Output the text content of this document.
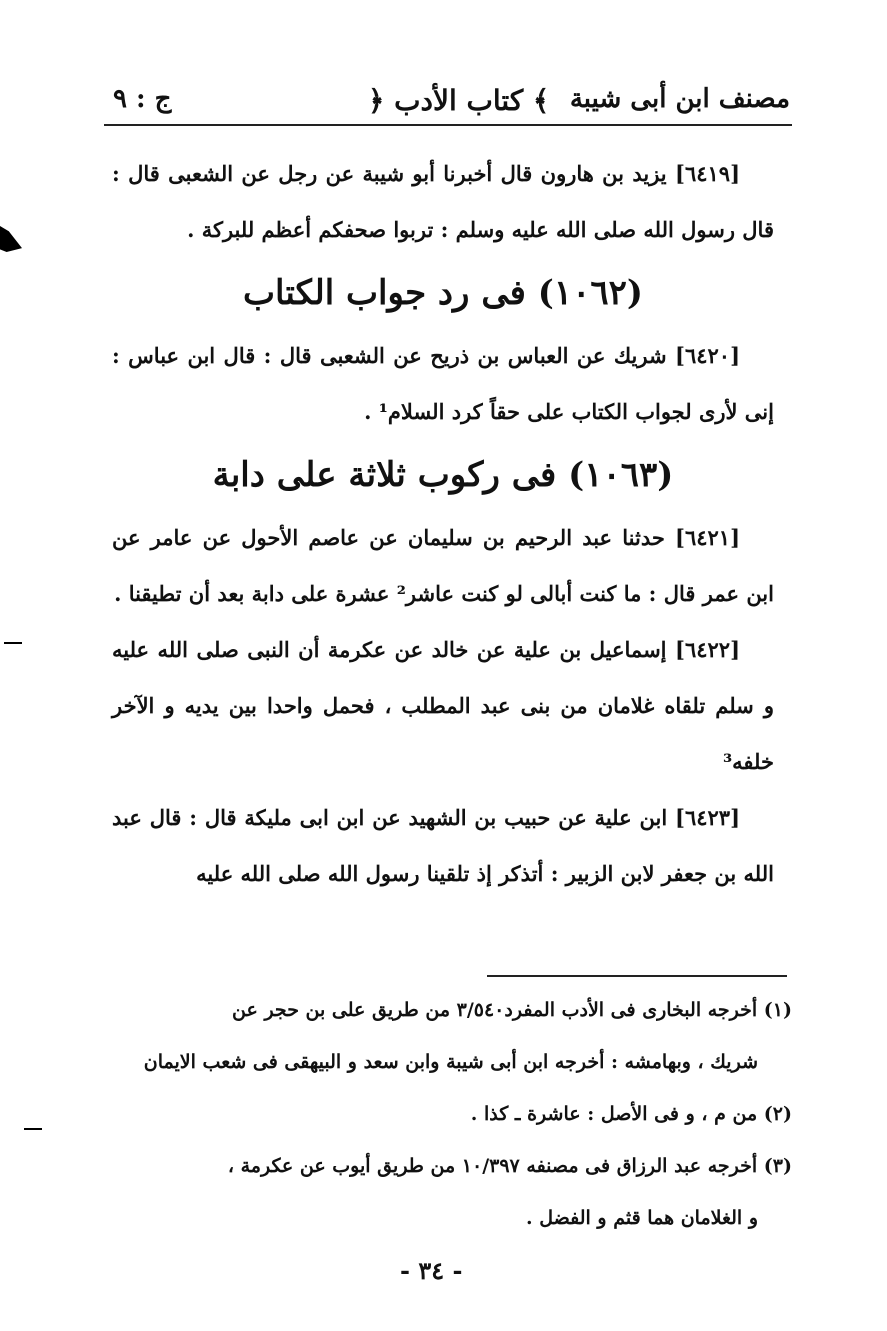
مصنف ابن أبى شيبة
﴿ كتاب الأدب ﴾
ج : ٩

[٦٤١٩] يزيد بن هارون قال أخبرنا أبو شيبة عن رجل عن الشعبى قال : قال رسول الله صلى الله عليه وسلم : تربوا صحفكم أعظم للبركة .

(١٠٦٢) فى رد جواب الكتاب

[٦٤٢٠] شريك عن العباس بن ذريح عن الشعبى قال : قال ابن عباس : إنى لأرى لجواب الكتاب على حقاً كرد السلام¹ .

(١٠٦٣) فى ركوب ثلاثة على دابة

[٦٤٢١] حدثنا عبد الرحيم بن سليمان عن عاصم الأحول عن عامر عن ابن عمر قال : ما كنت أبالى لو كنت عاشر² عشرة على دابة بعد أن تطيقنا .

[٦٤٢٢] إسماعيل بن علية عن خالد عن عكرمة أن النبى صلى الله عليه و سلم تلقاه غلامان من بنى عبد المطلب ، فحمل واحدا بين يديه و الآخر خلفه³

[٦٤٢٣] ابن علية عن حبيب بن الشهيد عن ابن ابى مليكة قال : قال عبد الله بن جعفر لابن الزبير : أتذكر إذ تلقينا رسول الله صلى الله عليه

(١) أخرجه البخارى فى الأدب المفرد٣/٥٤٠ من طريق على بن حجر عن

شريك ، وبهامشه : أخرجه ابن أبى شيبة وابن سعد و البيهقى فى شعب الايمان

(٢) من م ، و فى الأصل : عاشرة ـ كذا .

(٣) أخرجه عبد الرزاق فى مصنفه ١٠/٣٩٧ من طريق أيوب عن عكرمة ،

و الغلامان هما قثم و الفضل .

- ٣٤ -
